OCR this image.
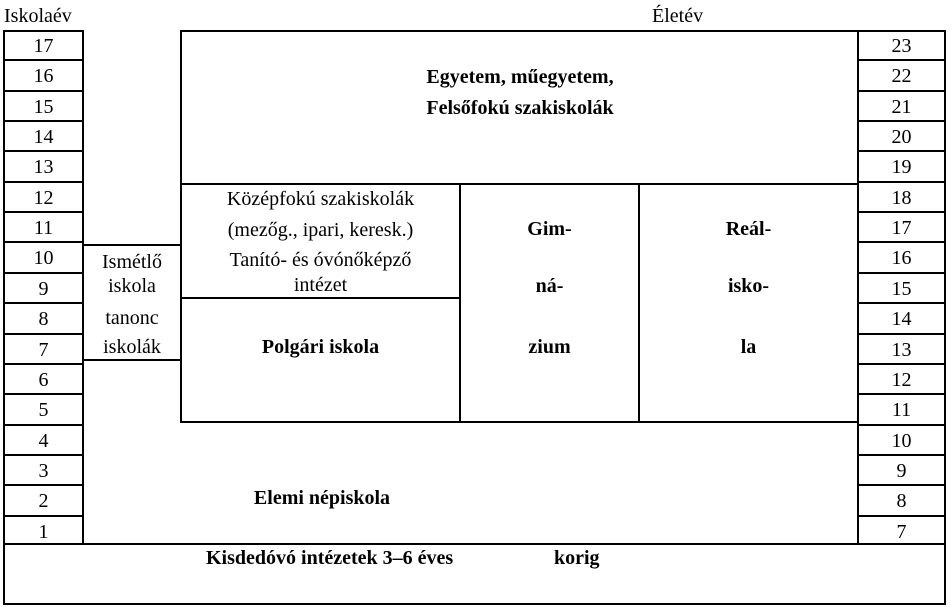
Iskolaév	Életév
17
16
15
14
13
12
11
10
9
8
7
6
5
4
3
2
1
23
22
21
20
19
18
17
16
15
14
13
12
11
10
9
8
7
Egyetem, műegyetem,
Felsőfokú szakiskolák
Középfokú szakiskolák
(mezőg., ipari, keresk.)
Tanító- és óvónőképző
intézet
Gim-
ná-
zium
Reál-
isko-
la
Polgári iskola
Ismétlő
iskola
tanonc
iskolák
Elemi népiskola
Kisdedóvó intézetek 3–6 éves	korig
